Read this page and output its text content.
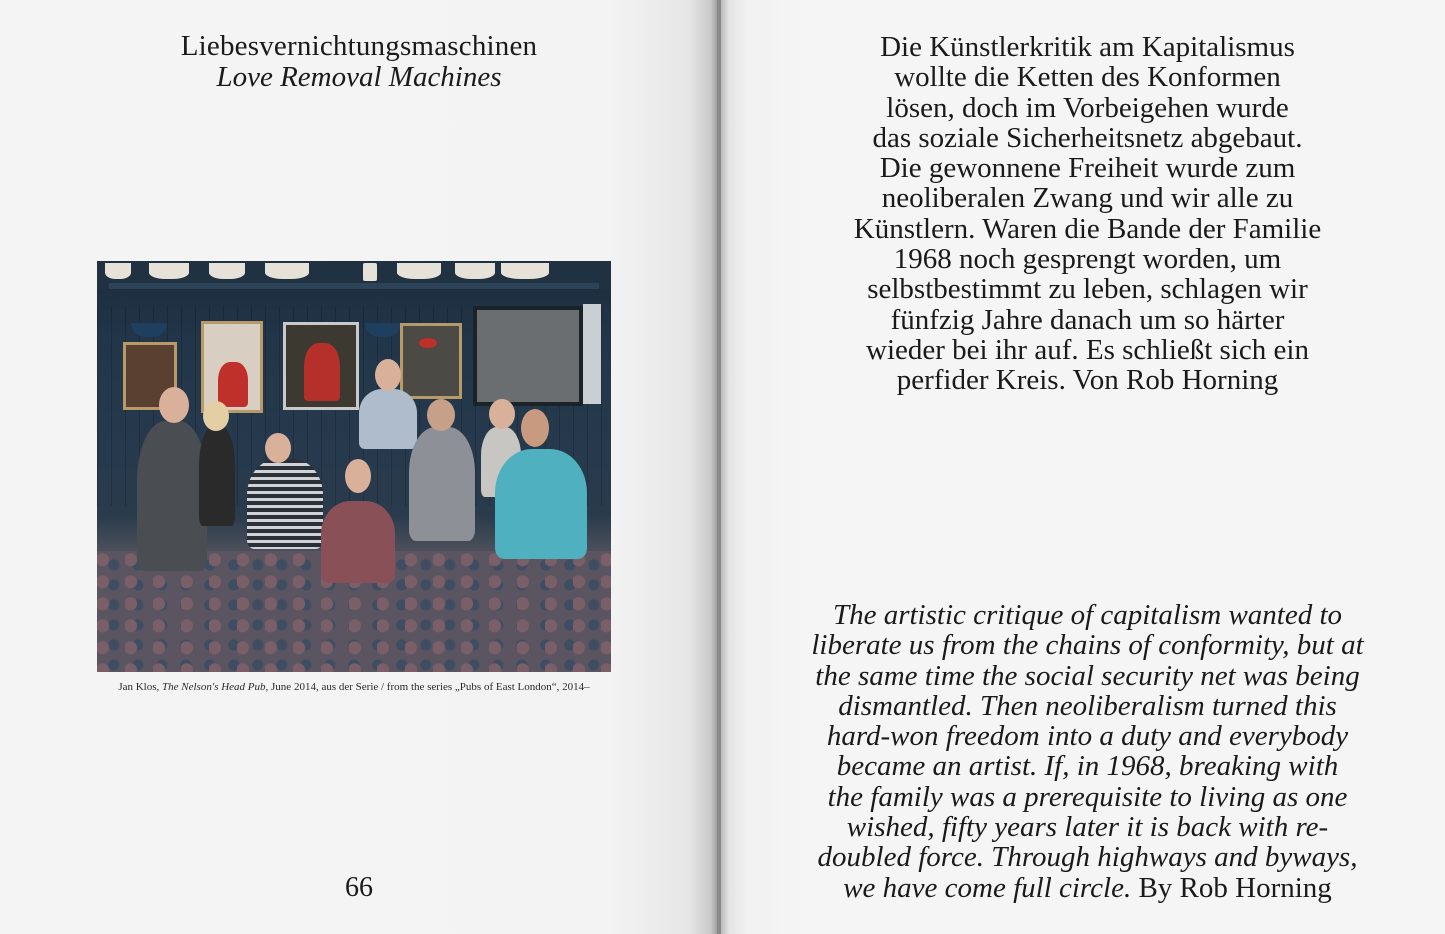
Liebesvernichtungsmaschinen
Love Removal Machines
Jan Klos, The Nelson's Head Pub, June 2014, aus der Serie / from the series „Pubs of East London“, 2014–
66
Die Künstlerkritik am Kapitalismus
wollte die Ketten des Konformen
lösen, doch im Vorbeigehen wurde
das soziale Sicherheitsnetz abgebaut.
Die gewonnene Freiheit wurde zum
neoliberalen Zwang und wir alle zu
Künstlern. Waren die Bande der Familie
1968 noch gesprengt worden, um
selbstbestimmt zu leben, schlagen wir
fünfzig Jahre danach um so härter
wieder bei ihr auf. Es schließt sich ein
perfider Kreis. Von Rob Horning
The artistic critique of capitalism wanted to
liberate us from the chains of conformity, but at
the same time the social security net was being
dismantled. Then neoliberalism turned this
hard-won freedom into a duty and everybody
became an artist. If, in 1968, breaking with
the family was a prerequisite to living as one
wished, fifty years later it is back with re-
doubled force. Through highways and byways,
we have come full circle. By Rob Horning
